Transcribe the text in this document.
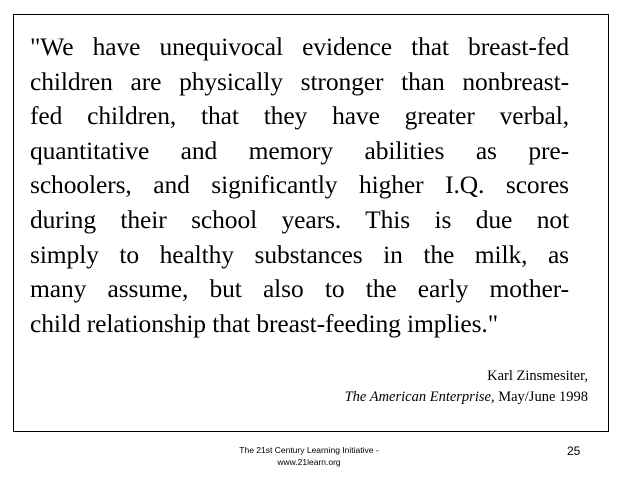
"We have unequivocal evidence that breast-fed
children are physically stronger than nonbreast-
fed children, that they have greater verbal,
quantitative and memory abilities as pre-
schoolers, and significantly higher I.Q. scores
during their school years. This is due not
simply to healthy substances in the milk, as
many assume, but also to the early mother-
child relationship that breast-feeding implies."
Karl Zinsmesiter,
The American Enterprise, May/June 1998
The 21st Century Learning Initiative -
www.21learn.org
25
